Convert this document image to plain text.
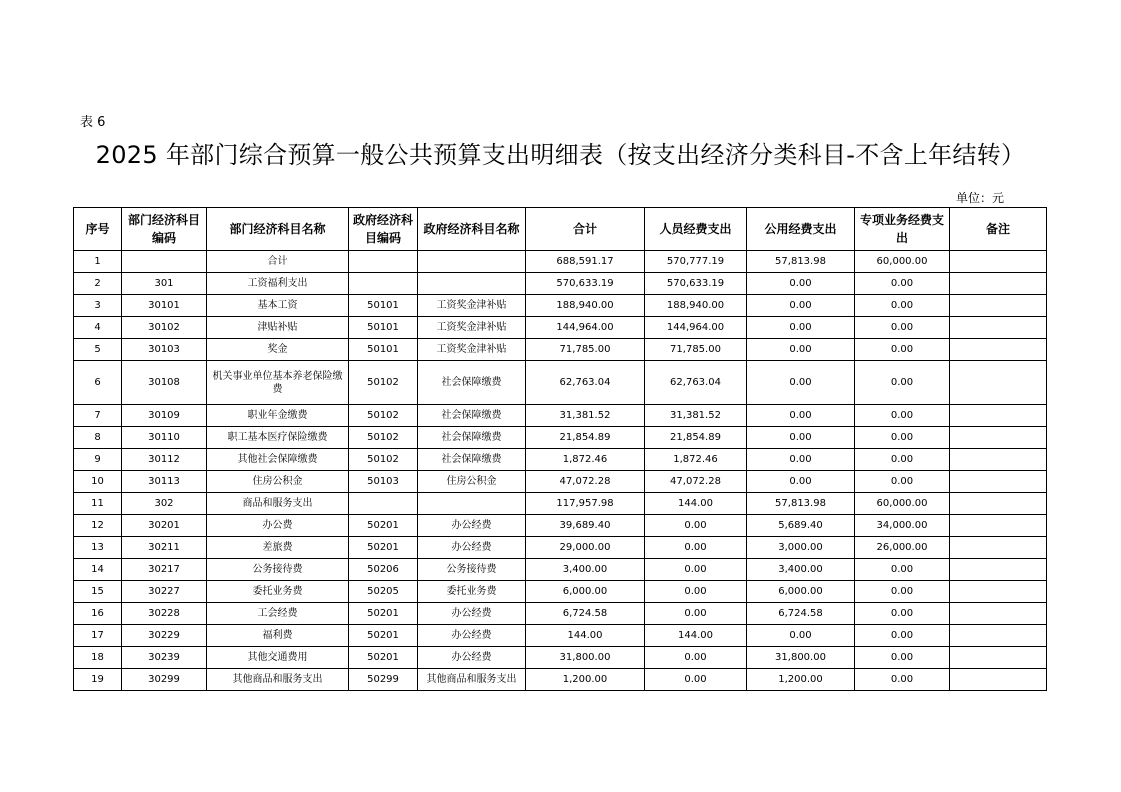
表 6
2025 年部门综合预算一般公共预算支出明细表（按支出经济分类科目-不含上年结转）
单位：元
序号	部门经济科目编码	部门经济科目名称	政府经济科目编码	政府经济科目名称	合计	人员经费支出	公用经费支出	专项业务经费支出	备注
1		合计			688,591.17	570,777.19	57,813.98	60,000.00	
2	301	工资福利支出			570,633.19	570,633.19	0.00	0.00	
3	30101	基本工资	50101	工资奖金津补贴	188,940.00	188,940.00	0.00	0.00	
4	30102	津贴补贴	50101	工资奖金津补贴	144,964.00	144,964.00	0.00	0.00	
5	30103	奖金	50101	工资奖金津补贴	71,785.00	71,785.00	0.00	0.00	
6	30108	机关事业单位基本养老保险缴费	50102	社会保障缴费	62,763.04	62,763.04	0.00	0.00	
7	30109	职业年金缴费	50102	社会保障缴费	31,381.52	31,381.52	0.00	0.00	
8	30110	职工基本医疗保险缴费	50102	社会保障缴费	21,854.89	21,854.89	0.00	0.00	
9	30112	其他社会保障缴费	50102	社会保障缴费	1,872.46	1,872.46	0.00	0.00	
10	30113	住房公积金	50103	住房公积金	47,072.28	47,072.28	0.00	0.00	
11	302	商品和服务支出			117,957.98	144.00	57,813.98	60,000.00	
12	30201	办公费	50201	办公经费	39,689.40	0.00	5,689.40	34,000.00	
13	30211	差旅费	50201	办公经费	29,000.00	0.00	3,000.00	26,000.00	
14	30217	公务接待费	50206	公务接待费	3,400.00	0.00	3,400.00	0.00	
15	30227	委托业务费	50205	委托业务费	6,000.00	0.00	6,000.00	0.00	
16	30228	工会经费	50201	办公经费	6,724.58	0.00	6,724.58	0.00	
17	30229	福利费	50201	办公经费	144.00	144.00	0.00	0.00	
18	30239	其他交通费用	50201	办公经费	31,800.00	0.00	31,800.00	0.00	
19	30299	其他商品和服务支出	50299	其他商品和服务支出	1,200.00	0.00	1,200.00	0.00	
